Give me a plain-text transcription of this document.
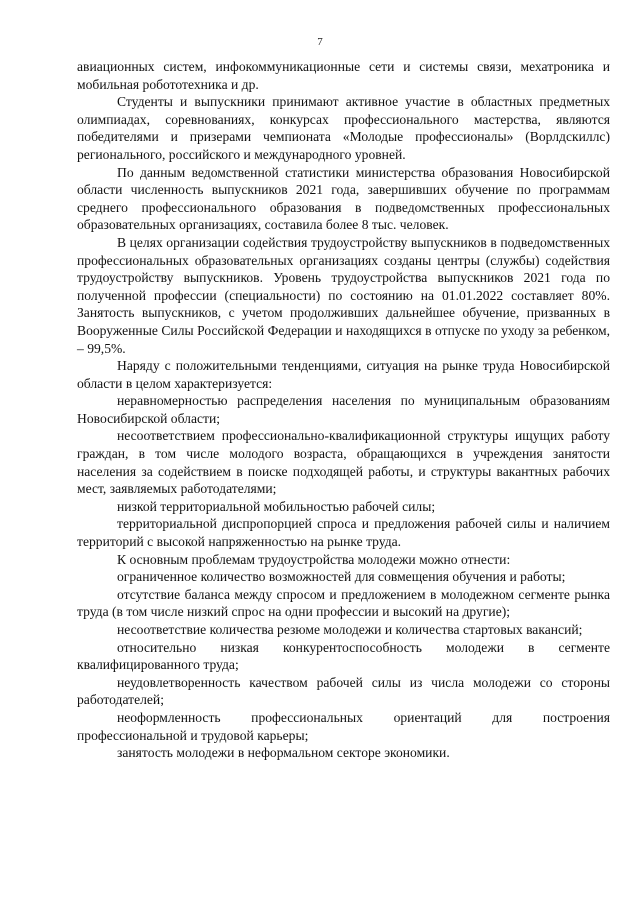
7

авиационных систем, инфокоммуникационные сети и системы связи, мехатроника и мобильная робототехника и др.

Студенты и выпускники принимают активное участие в областных предметных олимпиадах, соревнованиях, конкурсах профессионального мастерства, являются победителями и призерами чемпионата «Молодые профессионалы» (Ворлдскиллс) регионального, российского и международного уровней.

По данным ведомственной статистики министерства образования Новосибирской области численность выпускников 2021 года, завершивших обучение по программам среднего профессионального образования в подведомственных профессиональных образовательных организациях, составила более 8 тыс. человек.

В целях организации содействия трудоустройству выпускников в подведомственных профессиональных образовательных организациях созданы центры (службы) содействия трудоустройству выпускников. Уровень трудоустройства выпускников 2021 года по полученной профессии (специальности) по состоянию на 01.01.2022 составляет 80%. Занятость выпускников, с учетом продолживших дальнейшее обучение, призванных в Вооруженные Силы Российской Федерации и находящихся в отпуске по уходу за ребенком, – 99,5%.

Наряду с положительными тенденциями, ситуация на рынке труда Новосибирской области в целом характеризуется:

неравномерностью распределения населения по муниципальным образованиям Новосибирской области;

несоответствием профессионально-квалификационной структуры ищущих работу граждан, в том числе молодого возраста, обращающихся в учреждения занятости населения за содействием в поиске подходящей работы, и структуры вакантных рабочих мест, заявляемых работодателями;

низкой территориальной мобильностью рабочей силы;

территориальной диспропорцией спроса и предложения рабочей силы и наличием территорий с высокой напряженностью на рынке труда.

К основным проблемам трудоустройства молодежи можно отнести:

ограниченное количество возможностей для совмещения обучения и работы;

отсутствие баланса между спросом и предложением в молодежном сегменте рынка труда (в том числе низкий спрос на одни профессии и высокий на другие);

несоответствие количества резюме молодежи и количества стартовых вакансий;

относительно низкая конкурентоспособность молодежи в сегменте квалифицированного труда;

неудовлетворенность качеством рабочей силы из числа молодежи со стороны работодателей;

неоформленность профессиональных ориентаций для построения профессиональной и трудовой карьеры;

занятость молодежи в неформальном секторе экономики.
